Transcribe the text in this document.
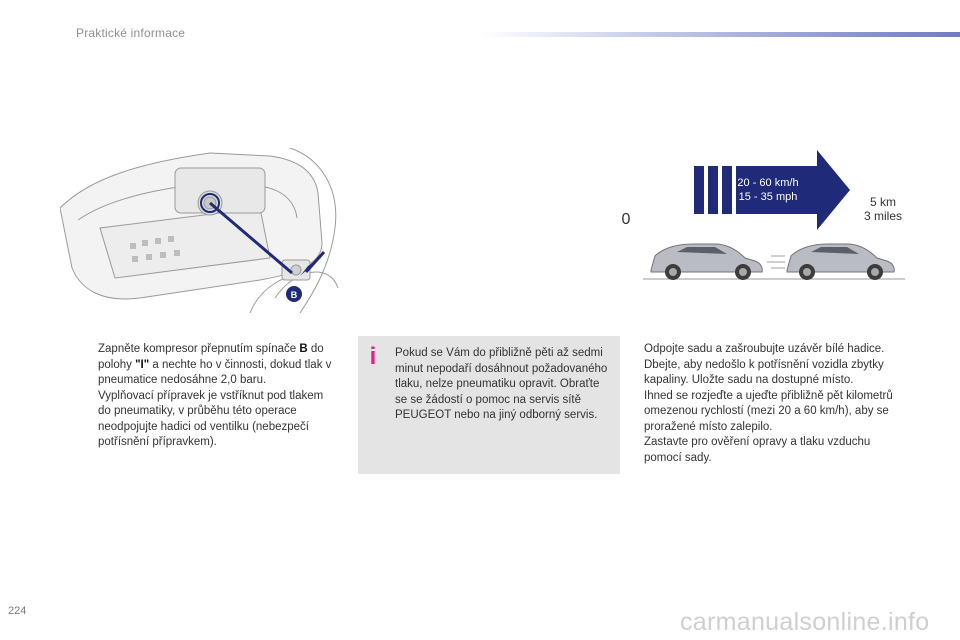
Praktické informace
B
20 - 60 km/h
15 - 35 mph
0
5 km
3 miles

Zapněte kompresor přepnutím spínače B do polohy "I" a nechte ho v činnosti, dokud tlak v pneumatice nedosáhne 2,0 baru.
Vyplňovací přípravek je vstříknut pod tlakem do pneumatiky, v průběhu této operace neodpojujte hadici od ventilku (nebezpečí potřísnění přípravkem).

i	Pokud se Vám do přibližně pěti až sedmi minut nepodaří dosáhnout požadovaného tlaku, nelze pneumatiku opravit. Obraťte se se žádostí o pomoc na servis sítě PEUGEOT nebo na jiný odborný servis.

Odpojte sadu a zašroubujte uzávěr bílé hadice.
Dbejte, aby nedošlo k potřísnění vozidla zbytky kapaliny. Uložte sadu na dostupné místo.

Ihned se rozjeďte a ujeďte přibližně pět kilometrů omezenou rychlostí (mezi 20 a 60 km/h), aby se proražené místo zalepilo.

Zastavte pro ověření opravy a tlaku vzduchu pomocí sady.

224	carmanualsonline.info
